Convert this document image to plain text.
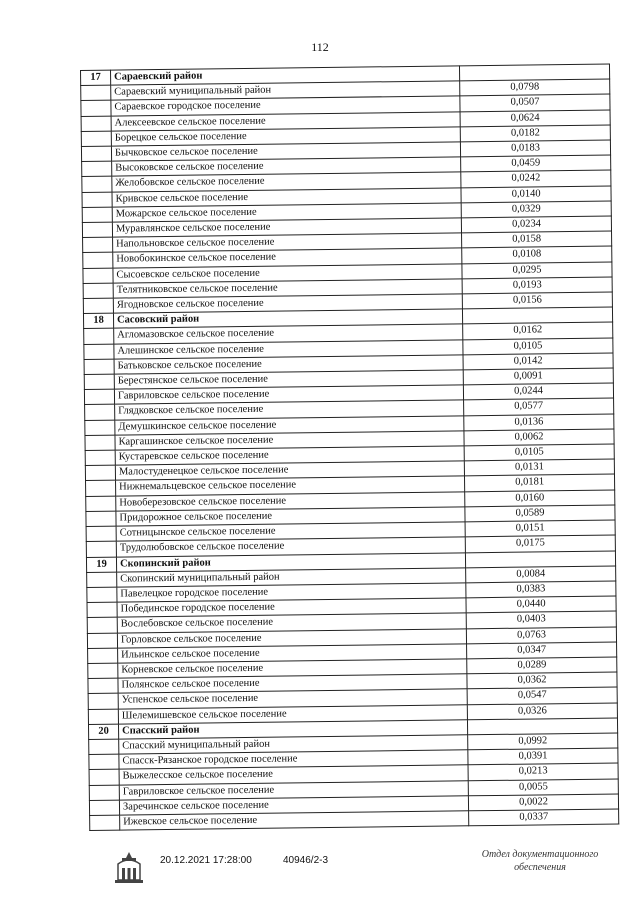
112
17	Сараевский район	
	Сараевский муниципальный район	0,0798
	Сараевское городское поселение	0,0507
	Алексеевское сельское поселение	0,0624
	Борецкое сельское поселение	0,0182
	Бычковское сельское поселение	0,0183
	Высоковское сельское поселение	0,0459
	Желобовское сельское поселение	0,0242
	Кривское сельское поселение	0,0140
	Можарское сельское поселение	0,0329
	Муравлянское сельское поселение	0,0234
	Напольновское сельское поселение	0,0158
	Новобокинское сельское поселение	0,0108
	Сысоевское сельское поселение	0,0295
	Телятниковское сельское поселение	0,0193
	Ягодновское сельское поселение	0,0156
18	Сасовский район	
	Агломазовское сельское поселение	0,0162
	Алешинское сельское поселение	0,0105
	Батьковское сельское поселение	0,0142
	Берестянское сельское поселение	0,0091
	Гавриловское сельское поселение	0,0244
	Глядковское сельское поселение	0,0577
	Демушкинское сельское поселение	0,0136
	Каргашинское сельское поселение	0,0062
	Кустаревское сельское поселение	0,0105
	Малостуденецкое сельское поселение	0,0131
	Нижнемальцевское сельское поселение	0,0181
	Новоберезовское сельское поселение	0,0160
	Придорожное сельское поселение	0,0589
	Сотницынское сельское поселение	0,0151
	Трудолюбовское сельское поселение	0,0175
19	Скопинский район	
	Скопинский муниципальный район	0,0084
	Павелецкое городское поселение	0,0383
	Побединское городское поселение	0,0440
	Вослебовское сельское поселение	0,0403
	Горловское сельское поселение	0,0763
	Ильинское сельское поселение	0,0347
	Корневское сельское поселение	0,0289
	Полянское сельское поселение	0,0362
	Успенское сельское поселение	0,0547
	Шелемишевское сельское поселение	0,0326
20	Спасский район	
	Спасский муниципальный район	0,0992
	Спасск-Рязанское городское поселение	0,0391
	Выжелесское сельское поселение	0,0213
	Гавриловское сельское поселение	0,0055
	Заречинское сельское поселение	0,0022
	Ижевское сельское поселение	0,0337
20.12.2021 17:28:00	40946/2-3
Отдел документационного
обеспечения
